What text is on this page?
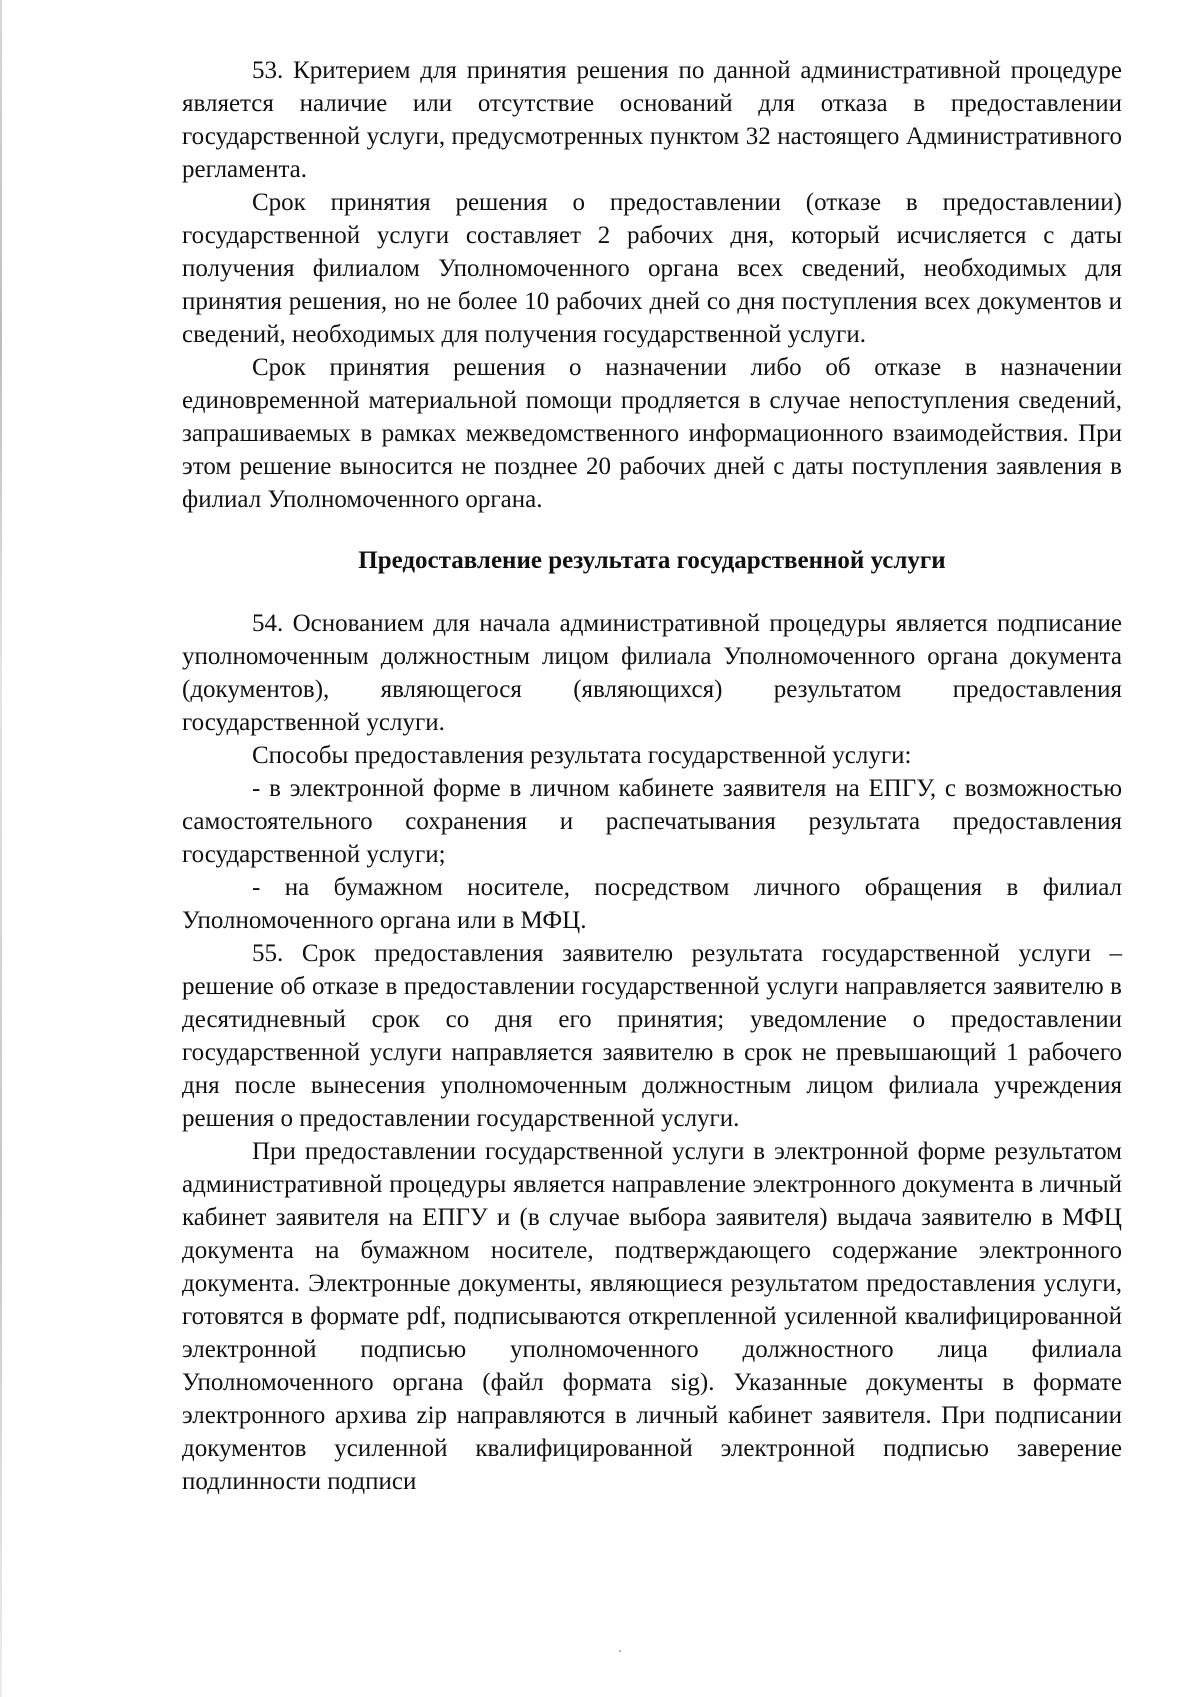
53. Критерием для принятия решения по данной административной процедуре является наличие или отсутствие оснований для отказа в предоставлении государственной услуги, предусмотренных пунктом 32 настоящего Административного регламента.

Срок принятия решения о предоставлении (отказе в предоставлении) государственной услуги составляет 2 рабочих дня, который исчисляется с даты получения филиалом Уполномоченного органа всех сведений, необходимых для принятия решения, но не более 10 рабочих дней со дня поступления всех документов и сведений, необходимых для получения государственной услуги.

Срок принятия решения о назначении либо об отказе в назначении единовременной материальной помощи продляется в случае непоступления сведений, запрашиваемых в рамках межведомственного информационного взаимодействия. При этом решение выносится не позднее 20 рабочих дней с даты поступления заявления в филиал Уполномоченного органа.

Предоставление результата государственной услуги

54. Основанием для начала административной процедуры является подписание уполномоченным должностным лицом филиала Уполномоченного органа документа (документов), являющегося (являющихся) результатом предоставления государственной услуги.

Способы предоставления результата государственной услуги:

- в электронной форме в личном кабинете заявителя на ЕПГУ, с возможностью самостоятельного сохранения и распечатывания результата предоставления государственной услуги;

- на бумажном носителе, посредством личного обращения в филиал Уполномоченного органа или в МФЦ.

55. Срок предоставления заявителю результата государственной услуги – решение об отказе в предоставлении государственной услуги направляется заявителю в десятидневный срок со дня его принятия; уведомление о предоставлении государственной услуги направляется заявителю в срок не превышающий 1 рабочего дня после вынесения уполномоченным должностным лицом филиала учреждения решения о предоставлении государственной услуги.

При предоставлении государственной услуги в электронной форме результатом административной процедуры является направление электронного документа в личный кабинет заявителя на ЕПГУ и (в случае выбора заявителя) выдача заявителю в МФЦ документа на бумажном носителе, подтверждающего содержание электронного документа. Электронные документы, являющиеся результатом предоставления услуги, готовятся в формате pdf, подписываются открепленной усиленной квалифицированной электронной подписью уполномоченного должностного лица филиала Уполномоченного органа (файл формата sig). Указанные документы в формате электронного архива zip направляются в личный кабинет заявителя. При подписании документов усиленной квалифицированной электронной подписью заверение подлинности подписи
